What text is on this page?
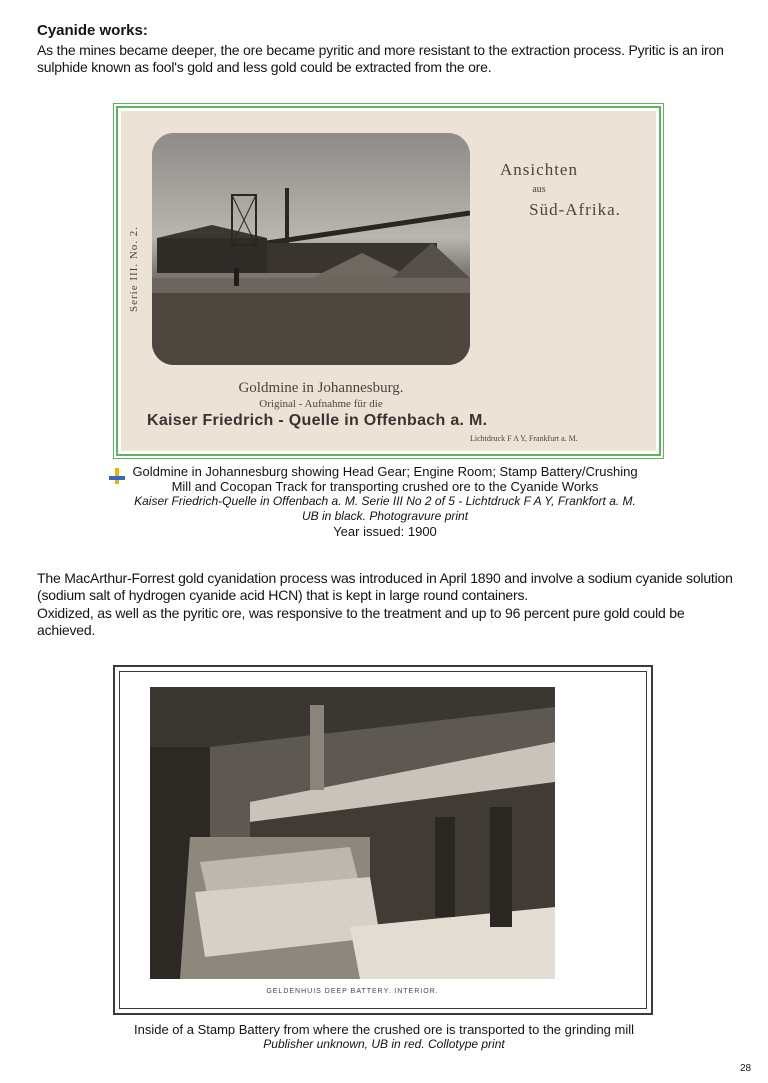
Cyanide works:
As the mines became deeper, the ore became pyritic and more resistant to the extraction process. Pyritic is an iron sulphide known as fool's gold and less gold could be extracted from the ore.
Ansichten
aus
Süd-Afrika.
Serie III. No. 2.
Goldmine in Johannesburg.
Original - Aufnahme für die
Kaiser Friedrich - Quelle in Offenbach a. M.
Lichtdruck F A Y, Frankfurt a. M.
Goldmine in Johannesburg showing Head Gear; Engine Room; Stamp Battery/Crushing
Mill and Cocopan Track for transporting crushed ore to the Cyanide Works
Kaiser Friedrich-Quelle in Offenbach a. M. Serie III No 2 of 5 - Lichtdruck F A Y, Frankfort a. M.
UB in black. Photogravure print
Year issued: 1900
The MacArthur-Forrest gold cyanidation process was introduced in April 1890 and involve a sodium cyanide solution (sodium salt of hydrogen cyanide acid HCN) that is kept in large round containers.
Oxidized, as well as the pyritic ore, was responsive to the treatment and up to 96 percent pure gold could be achieved.
GELDENHUIS DEEP BATTERY. INTERIOR.
Inside of a Stamp Battery from where the crushed ore is transported to the grinding mill
Publisher unknown, UB in red. Collotype print
28
